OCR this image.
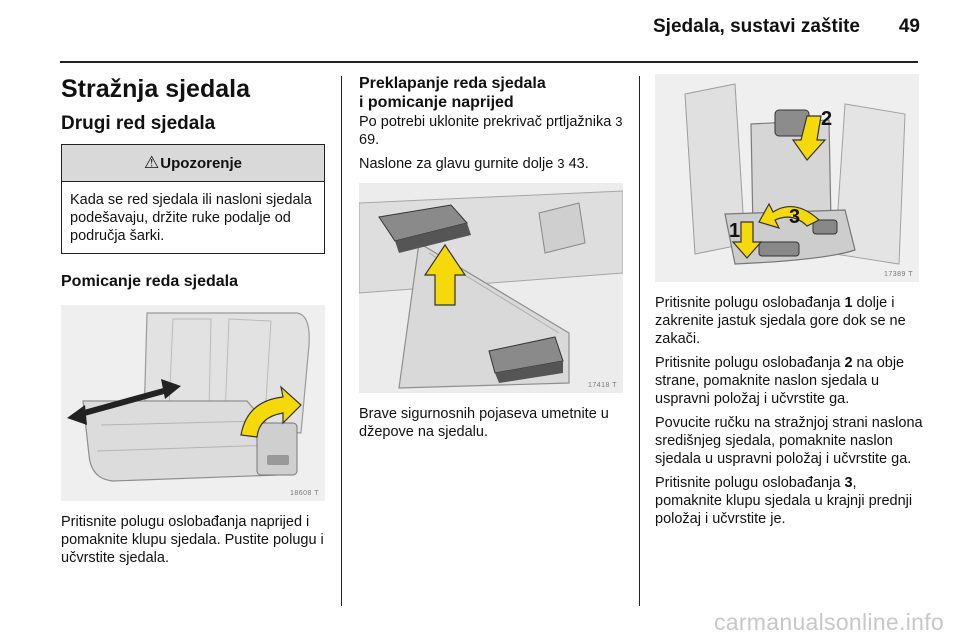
Sjedala, sustavi zaštite	49
Stražnja sjedala
Drugi red sjedala
⚠ Upozorenje
Kada se red sjedala ili nasloni sjedala podešavaju, držite ruke podalje od područja šarki.
Pomicanje reda sjedala
18608 T

Pritisnite polugu oslobađanja naprijed i pomaknite klupu sjedala. Pustite polugu i učvrstite sjedala.

Preklapanje reda sjedala
i pomicanje naprijed

Po potrebi uklonite prekrivač prtljažnika 3 69.

Naslone za glavu gurnite dolje 3 43.

17418 T

Brave sigurnosnih pojaseva umetnite u džepove na sjedalu.

2
3
1
17389 T

Pritisnite polugu oslobađanja 1 dolje i zakrenite jastuk sjedala gore dok se ne zakači.

Pritisnite polugu oslobađanja 2 na obje strane, pomaknite naslon sjedala u uspravni položaj i učvrstite ga.

Povucite ručku na stražnjoj strani naslona središnjeg sjedala, pomaknite naslon sjedala u uspravni položaj i učvrstite ga.

Pritisnite polugu oslobađanja 3, pomaknite klupu sjedala u krajnji prednji položaj i učvrstite je.

carmanualsonline.info
